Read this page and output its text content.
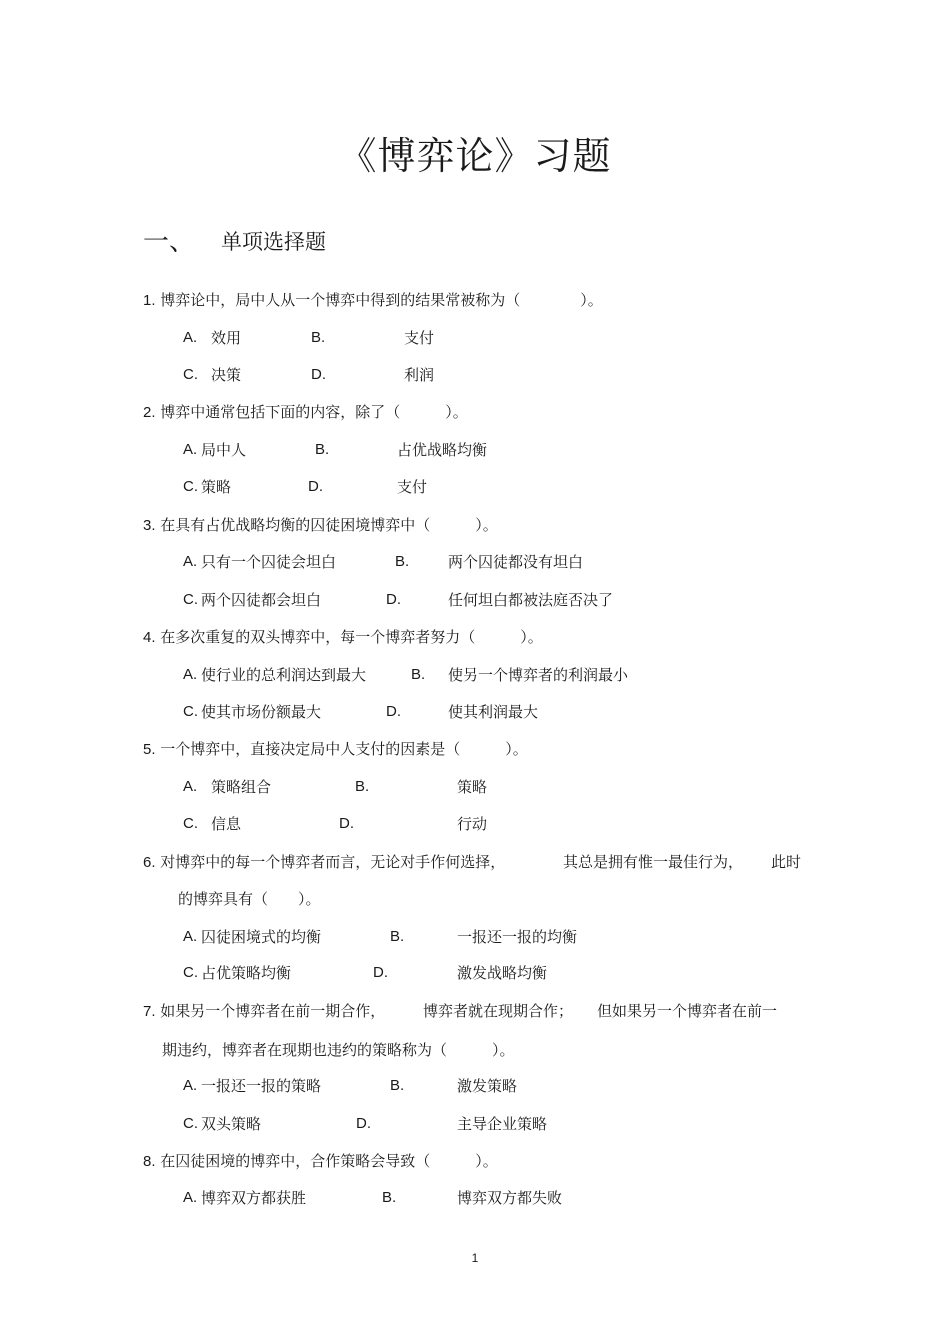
《博弈论》习题
一、 单项选择题
1. 博弈论中，局中人从一个博弈中得到的结果常被称为（　　　　）。
A. 效用	B.	支付
C. 决策	D.	利润
2. 博弈中通常包括下面的内容，除了（　　　）。
A. 局中人	B.	占优战略均衡
C. 策略	D.	支付
3. 在具有占优战略均衡的囚徒困境博弈中（　　　）。
A. 只有一个囚徒会坦白	B.	两个囚徒都没有坦白
C. 两个囚徒都会坦白	D.	任何坦白都被法庭否决了
4. 在多次重复的双头博弈中，每一个博弈者努力（　　　）。
A. 使行业的总利润达到最大	B. 使另一个博弈者的利润最小
C. 使其市场份额最大	D.	使其利润最大
5. 一个博弈中，直接决定局中人支付的因素是（　　　）。
A. 策略组合	B.	策略
C. 信息	D.	行动
6. 对博弈中的每一个博弈者而言，无论对手作何选择，	其总是拥有惟一最佳行为， 此时
的博弈具有（　　）。
A. 囚徒困境式的均衡	B.	一报还一报的均衡
C. 占优策略均衡	D.	激发战略均衡
7. 如果另一个博弈者在前一期合作，	博弈者就在现期合作； 但如果另一个博弈者在前一
期违约，博弈者在现期也违约的策略称为（　　　）。
A. 一报还一报的策略	B.	激发策略
C. 双头策略	D.	主导企业策略
8. 在囚徒困境的博弈中，合作策略会导致（　　　）。
A. 博弈双方都获胜	B.	博弈双方都失败
1
